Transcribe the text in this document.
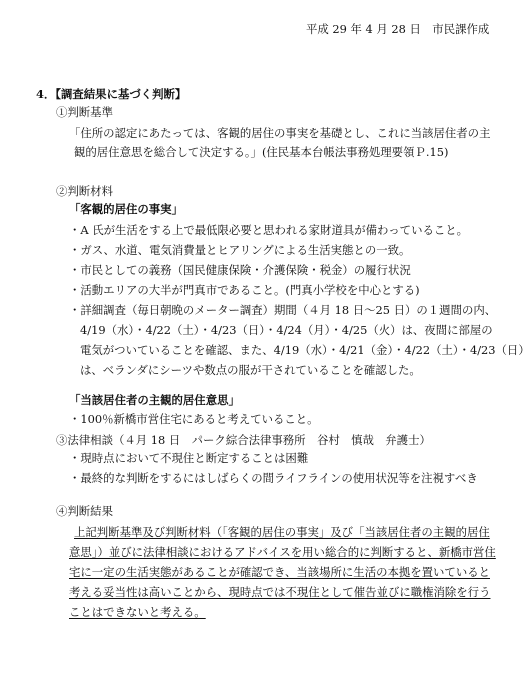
平成 29 年 4 月 28 日　市民課作成
4．【調査結果に基づく判断】
①判断基準
「住所の認定にあたっては、客観的居住の事実を基礎とし、これに当該居住者の主
観的居住意思を総合して決定する。」(住民基本台帳法事務処理要領Ｐ.15)
②判断材料
「客観的居住の事実」
・A 氏が生活をする上で最低限必要と思われる家財道具が備わっていること。
・ガス、水道、電気消費量とヒアリングによる生活実態との一致。
・市民としての義務（国民健康保険・介護保険・税金）の履行状況
・活動エリアの大半が門真市であること。(門真小学校を中心とする)
・詳細調査（毎日朝晩のメーター調査）期間（４月 18 日～25 日）の１週間の内、
4/19（水）・4/22（土）・4/23（日）・4/24（月）・4/25（火）は、夜間に部屋の
電気がついていることを確認、また、4/19（水）・4/21（金）・4/22（土）・4/23（日）
は、ベランダにシーツや数点の服が干されていることを確認した。
「当該居住者の主観的居住意思」
・100％新橋市営住宅にあると考えていること。
③法律相談（４月 18 日　パーク綜合法律事務所　谷村　慎哉　弁護士）
・現時点において不現住と断定することは困難
・最終的な判断をするにはしばらくの間ライフラインの使用状況等を注視すべき
④判断結果
上記判断基準及び判断材料（「客観的居住の事実」及び「当該居住者の主観的居住
意思」）並びに法律相談におけるアドバイスを用い総合的に判断すると、新橋市営住
宅に一定の生活実態があることが確認でき、当該場所に生活の本拠を置いていると
考える妥当性は高いことから、現時点では不現住として催告並びに職権消除を行う
ことはできないと考える。
